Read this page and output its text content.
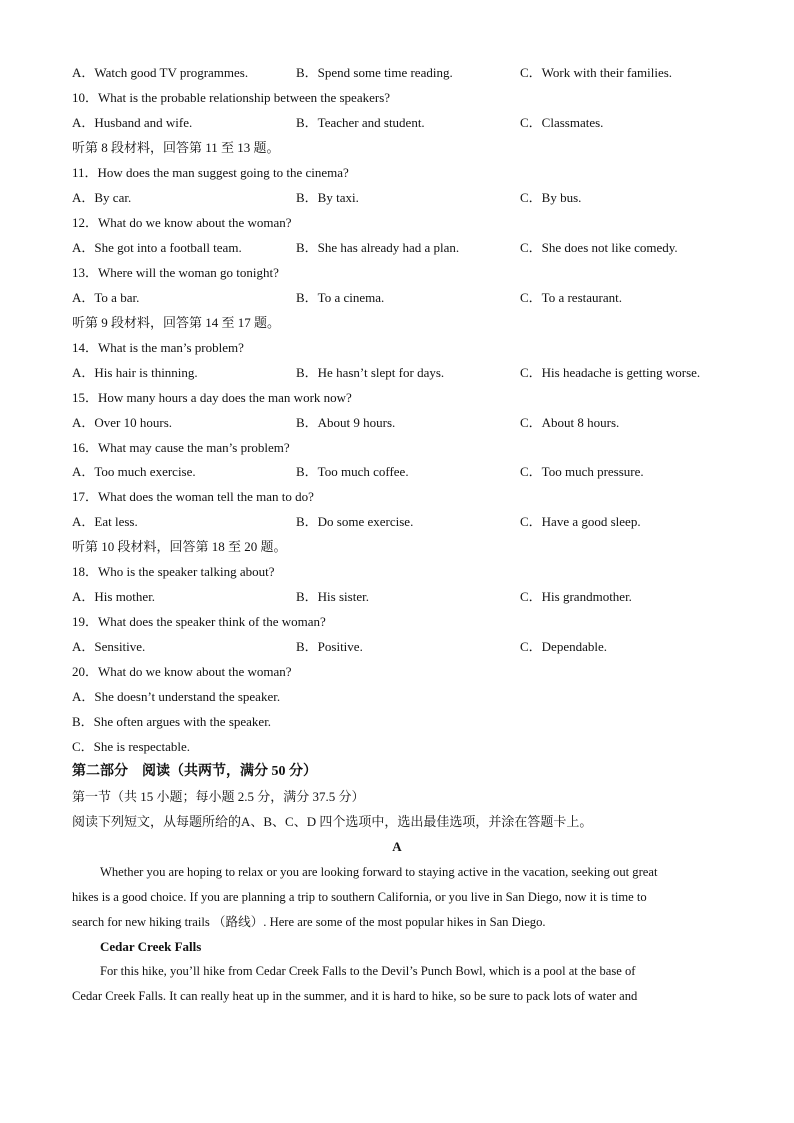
A．Watch good TV programmes.	B．Spend some time reading.	C．Work with their families.
10．What is the probable relationship between the speakers?
A．Husband and wife.	B．Teacher and student.	C．Classmates.
听第 8 段材料，回答第 11 至 13 题。
11．How does the man suggest going to the cinema?
A．By car.	B．By taxi.	C．By bus.
12．What do we know about the woman?
A．She got into a football team.	B．She has already had a plan.	C．She does not like comedy.
13．Where will the woman go tonight?
A．To a bar.	B．To a cinema.	C．To a restaurant.
听第 9 段材料，回答第 14 至 17 题。
14．What is the man’s problem?
A．His hair is thinning.	B．He hasn’t slept for days.	C．His headache is getting worse.
15．How many hours a day does the man work now?
A．Over 10 hours.	B．About 9 hours.	C．About 8 hours.
16．What may cause the man’s problem?
A．Too much exercise.	B．Too much coffee.	C．Too much pressure.
17．What does the woman tell the man to do?
A．Eat less.	B．Do some exercise.	C．Have a good sleep.
听第 10 段材料，回答第 18 至 20 题。
18．Who is the speaker talking about?
A．His mother.	B．His sister.	C．His grandmother.
19．What does the speaker think of the woman?
A．Sensitive.	B．Positive.	C．Dependable.
20．What do we know about the woman?
A．She doesn’t understand the speaker.
B．She often argues with the speaker.
C．She is respectable.
第二部分　阅读（共两节，满分 50 分）
第一节（共 15 小题；每小题 2.5 分，满分 37.5 分）
阅读下列短文，从每题所给的A、B、C、D 四个选项中，选出最佳选项，并涂在答题卡上。
A
Whether you are hoping to relax or you are looking forward to staying active in the vacation, seeking out great
hikes is a good choice. If you are planning a trip to southern California, or you live in San Diego, now it is time to
search for new hiking trails （路线）. Here are some of the most popular hikes in San Diego.
Cedar Creek Falls
For this hike, you’ll hike from Cedar Creek Falls to the Devil’s Punch Bowl, which is a pool at the base of
Cedar Creek Falls. It can really heat up in the summer, and it is hard to hike, so be sure to pack lots of water and
